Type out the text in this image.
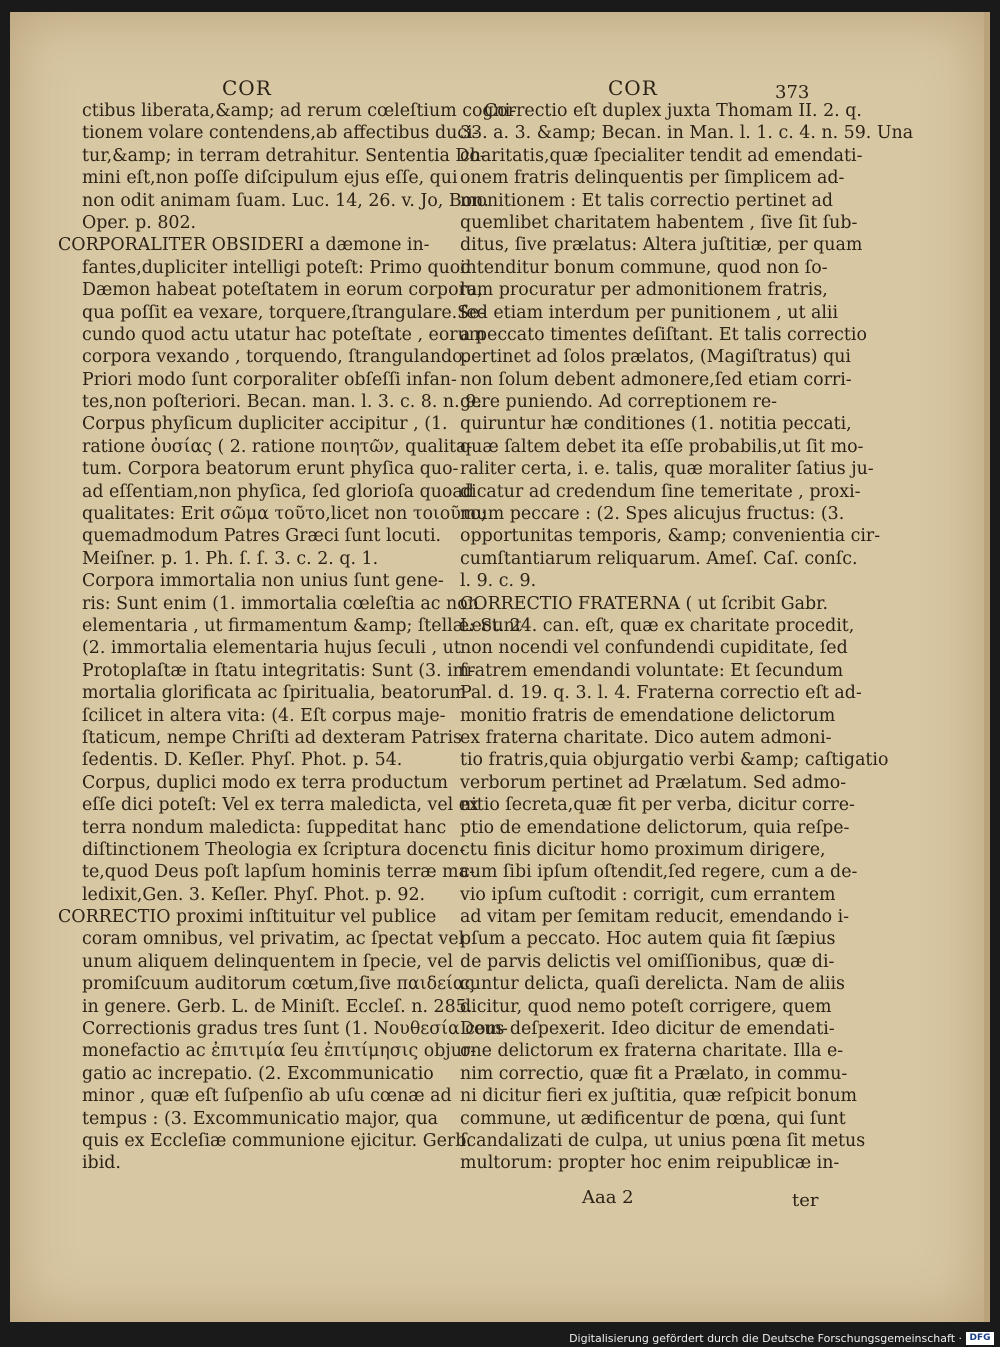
COR	COR	373
ctibus liberata,&amp; ad rerum cœleſtium cogni-
tionem volare contendens,ab affectibus duci-
tur,&amp; in terram detrahitur. Sententia Do-
mini eſt,non poſſe diſcipulum ejus eſſe, qui
non odit animam ſuam. Luc. 14, 26. v. Jo, Bon.
Oper. p. 802.
CORPORALITER OBSIDERI a dæmone in-
fantes,dupliciter intelligi poteſt: Primo quod
Dæmon habeat poteſtatem in eorum corpora,
qua poſſit ea vexare, torquere,ſtrangulare.Se-
cundo quod actu utatur hac poteſtate , eorum
corpora vexando , torquendo, ſtrangulando.
Priori modo ſunt corporaliter obſeſſi infan-
tes,non poſteriori. Becan. man. l. 3. c. 8. n. 9.
Corpus phyſicum dupliciter accipitur , (1.
ratione ὀυσίας ( 2. ratione ποιητῶν, qualita-
tum. Corpora beatorum erunt phyſica quo-
ad eſſentiam,non phyſica, ſed glorioſa quoad
qualitates: Erit σῶμα τοῦτο,licet non τοιοῦτο;
quemadmodum Patres Græci ſunt locuti.
Meiſner. p. 1. Ph. ſ. ſ. 3. c. 2. q. 1.
Corpora immortalia non unius ſunt gene-
ris: Sunt enim (1. immortalia cœleſtia ac non
elementaria , ut firmamentum &amp; ſtellæ: Sunt
(2. immortalia elementaria hujus ſeculi , ut
Protoplaſtæ in ſtatu integritatis: Sunt (3. im-
mortalia glorificata ac ſpiritualia, beatorum
ſcilicet in altera vita: (4. Eſt corpus maje-
ſtaticum, nempe Chriſti ad dexteram Patris
ſedentis. D. Keſler. Phyſ. Phot. p. 54.
Corpus, duplici modo ex terra productum
eſſe dici poteſt: Vel ex terra maledicta, vel ex
terra nondum maledicta: ſuppeditat hanc
diſtinctionem Theologia ex ſcriptura docen-
te,quod Deus poſt lapſum hominis terræ ma-
ledixit,Gen. 3. Keſler. Phyſ. Phot. p. 92.
CORRECTIO proximi inſtituitur vel publice
coram omnibus, vel privatim, ac ſpectat vel
unum aliquem delinquentem in ſpecie, vel
promiſcuum auditorum cœtum,ſive παιδείας
in genere. Gerb. L. de Miniſt. Eccleſ. n. 285.
Correctionis gradus tres ſunt (1. Νουθεσία com-
monefactio ac ἐπιτιμία ſeu ἐπιτίμησις objur-
gatio ac increpatio. (2. Excommunicatio
minor , quæ eſt ſuſpenſio ab uſu cœnæ ad
tempus : (3. Excommunicatio major, qua
quis ex Eccleſiæ communione ejicitur. Gerb.
ibid.
Correctio eſt duplex juxta Thomam II. 2. q.
33. a. 3. &amp; Becan. in Man. l. 1. c. 4. n. 59. Una
charitatis,quæ ſpecialiter tendit ad emendati-
onem fratris delinquentis per ſimplicem ad-
monitionem : Et talis correctio pertinet ad
quemlibet charitatem habentem , ſive ſit ſub-
ditus, ſive prælatus: Altera juſtitiæ, per quam
intenditur bonum commune, quod non ſo-
lum procuratur per admonitionem fratris,
ſed etiam interdum per punitionem , ut alii
a peccato timentes deſiſtant. Et talis correctio
pertinet ad ſolos prælatos, (Magiſtratus) qui
non ſolum debent admonere,ſed etiam corri-
gere puniendo. Ad correptionem re-
quiruntur hæ conditiones (1. notitia peccati,
quæ ſaltem debet ita eſſe probabilis,ut ſit mo-
raliter certa, i. e. talis, quæ moraliter ſatius ju-
dicatur ad credendum ſine temeritate , proxi-
mum peccare : (2. Spes alicujus fructus: (3.
opportunitas temporis, &amp; convenientia cir-
cumſtantiarum reliquarum. Ameſ. Caſ. conſc.
l. 9. c. 9.
CORRECTIO FRATERNA ( ut ſcribit Gabr.
Lect. 24. can. eſt, quæ ex charitate procedit,
non nocendi vel confundendi cupiditate, ſed
fratrem emendandi voluntate: Et ſecundum
Pal. d. 19. q. 3. l. 4. Fraterna correctio eſt ad-
monitio fratris de emendatione delictorum
ex fraterna charitate. Dico autem admoni-
tio fratris,quia objurgatio verbi &amp; caſtigatio
verborum pertinet ad Prælatum. Sed admo-
nitio ſecreta,quæ fit per verba, dicitur corre-
ptio de emendatione delictorum, quia reſpe-
ctu finis dicitur homo proximum dirigere,
cum ſibi ipſum oſtendit,ſed regere, cum a de-
vio ipſum cuſtodit : corrigit, cum errantem
ad vitam per ſemitam reducit, emendando i-
pſum a peccato. Hoc autem quia fit ſæpius
de parvis delictis vel omiſſionibus, quæ di-
cuntur delicta, quaſi derelicta. Nam de aliis
dicitur, quod nemo poteſt corrigere, quem
Deus deſpexerit. Ideo dicitur de emendati-
one delictorum ex fraterna charitate. Illa e-
nim correctio, quæ fit a Prælato, in commu-
ni dicitur fieri ex juſtitia, quæ reſpicit bonum
commune, ut ædificentur de pœna, qui ſunt
ſcandalizati de culpa, ut unius pœna ſit metus
multorum: propter hoc enim reipublicæ in-
Aaa 2	ter
Digitalisierung gefördert durch die Deutsche Forschungsgemeinschaft · DFG
